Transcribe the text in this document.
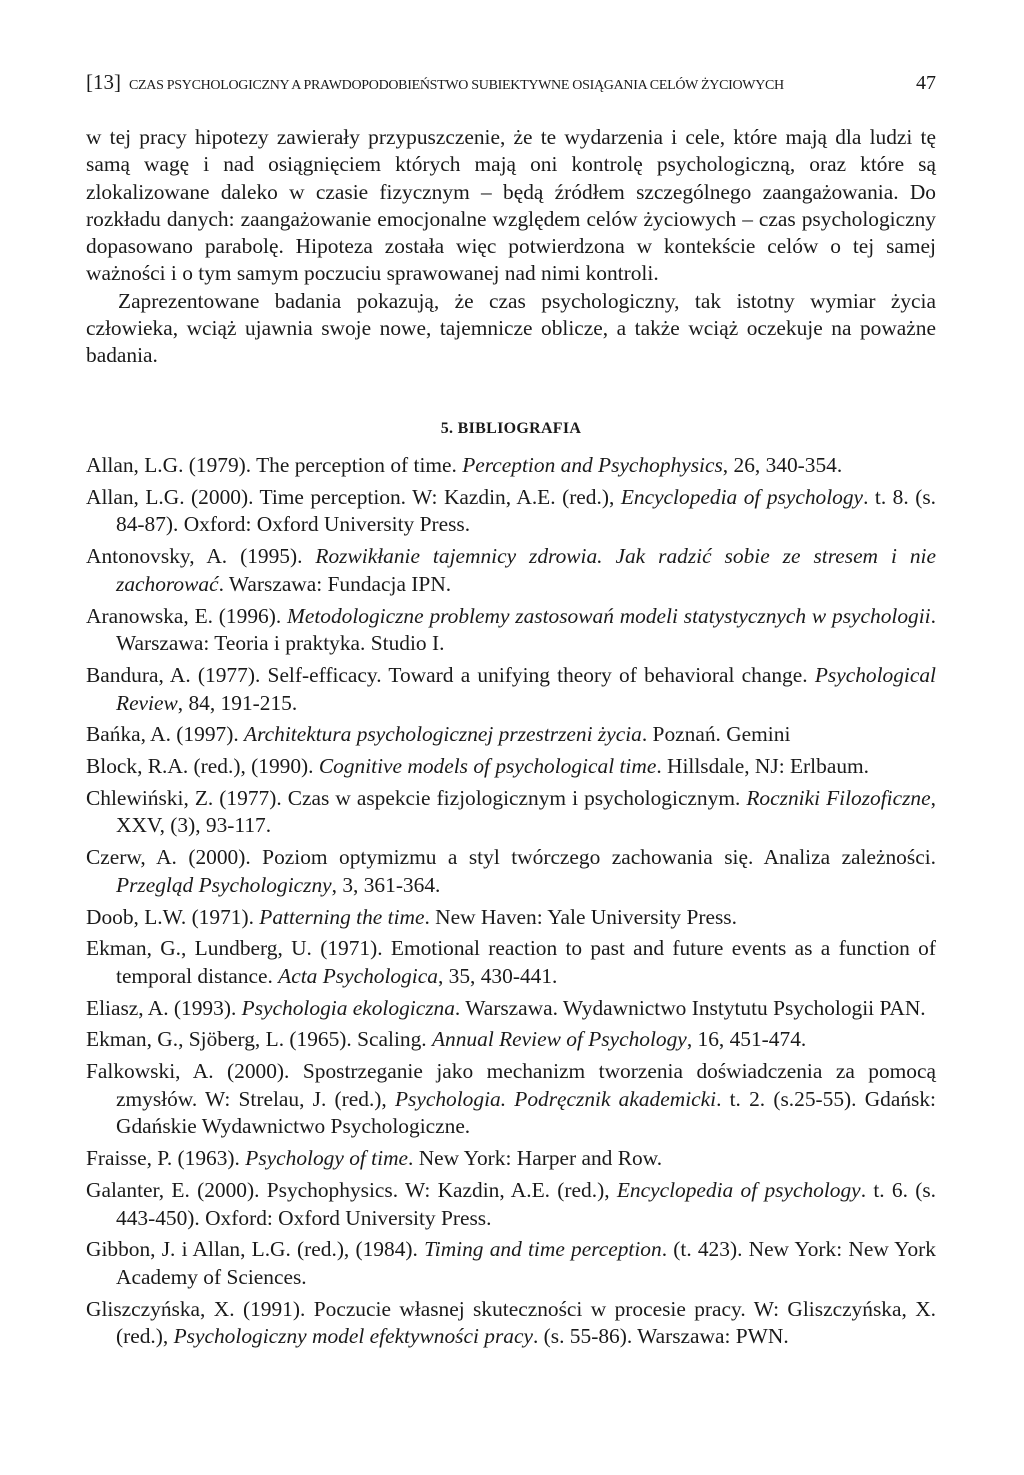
[13] CZAS PSYCHOLOGICZNY A PRAWDOPODOBIEŃSTWO SUBIEKTYWNE OSIĄGANIA CELÓW ŻYCIOWYCH	47

w tej pracy hipotezy zawierały przypuszczenie, że te wydarzenia i cele, które mają dla ludzi tę samą wagę i nad osiągnięciem których mają oni kontrolę psychologiczną, oraz które są zlokalizowane daleko w czasie fizycznym – będą źródłem szczególnego zaangażowania. Do rozkładu danych: zaangażowanie emocjonalne względem celów życiowych – czas psychologiczny dopasowano parabolę. Hipoteza została więc potwierdzona w kontekście celów o tej samej ważności i o tym samym poczuciu sprawowanej nad nimi kontroli.

Zaprezentowane badania pokazują, że czas psychologiczny, tak istotny wymiar życia człowieka, wciąż ujawnia swoje nowe, tajemnicze oblicze, a także wciąż oczekuje na poważne badania.

5. BIBLIOGRAFIA
Allan, L.G. (1979). The perception of time. Perception and Psychophysics, 26, 340-354.
Allan, L.G. (2000). Time perception. W: Kazdin, A.E. (red.), Encyclopedia of psychology. t. 8. (s. 84-87). Oxford: Oxford University Press.
Antonovsky, A. (1995). Rozwikłanie tajemnicy zdrowia. Jak radzić sobie ze stresem i nie zachorować. Warszawa: Fundacja IPN.
Aranowska, E. (1996). Metodologiczne problemy zastosowań modeli statystycznych w psychologii. Warszawa: Teoria i praktyka. Studio I.
Bandura, A. (1977). Self-efficacy. Toward a unifying theory of behavioral change. Psychological Review, 84, 191-215.
Bańka, A. (1997). Architektura psychologicznej przestrzeni życia. Poznań. Gemini
Block, R.A. (red.), (1990). Cognitive models of psychological time. Hillsdale, NJ: Erlbaum.
Chlewiński, Z. (1977). Czas w aspekcie fizjologicznym i psychologicznym. Roczniki Filozoficzne, XXV, (3), 93-117.
Czerw, A. (2000). Poziom optymizmu a styl twórczego zachowania się. Analiza zależności. Przegląd Psychologiczny, 3, 361-364.
Doob, L.W. (1971). Patterning the time. New Haven: Yale University Press.
Ekman, G., Lundberg, U. (1971). Emotional reaction to past and future events as a function of temporal distance. Acta Psychologica, 35, 430-441.
Eliasz, A. (1993). Psychologia ekologiczna. Warszawa. Wydawnictwo Instytutu Psychologii PAN.
Ekman, G., Sjöberg, L. (1965). Scaling. Annual Review of Psychology, 16, 451-474.
Falkowski, A. (2000). Spostrzeganie jako mechanizm tworzenia doświadczenia za pomocą zmysłów. W: Strelau, J. (red.), Psychologia. Podręcznik akademicki. t. 2. (s.25-55). Gdańsk: Gdańskie Wydawnictwo Psychologiczne.
Fraisse, P. (1963). Psychology of time. New York: Harper and Row.
Galanter, E. (2000). Psychophysics. W: Kazdin, A.E. (red.), Encyclopedia of psychology. t. 6. (s. 443-450). Oxford: Oxford University Press.
Gibbon, J. i Allan, L.G. (red.), (1984). Timing and time perception. (t. 423). New York: New York Academy of Sciences.
Gliszczyńska, X. (1991). Poczucie własnej skuteczności w procesie pracy. W: Gliszczyńska, X. (red.), Psychologiczny model efektywności pracy. (s. 55-86). Warszawa: PWN.
